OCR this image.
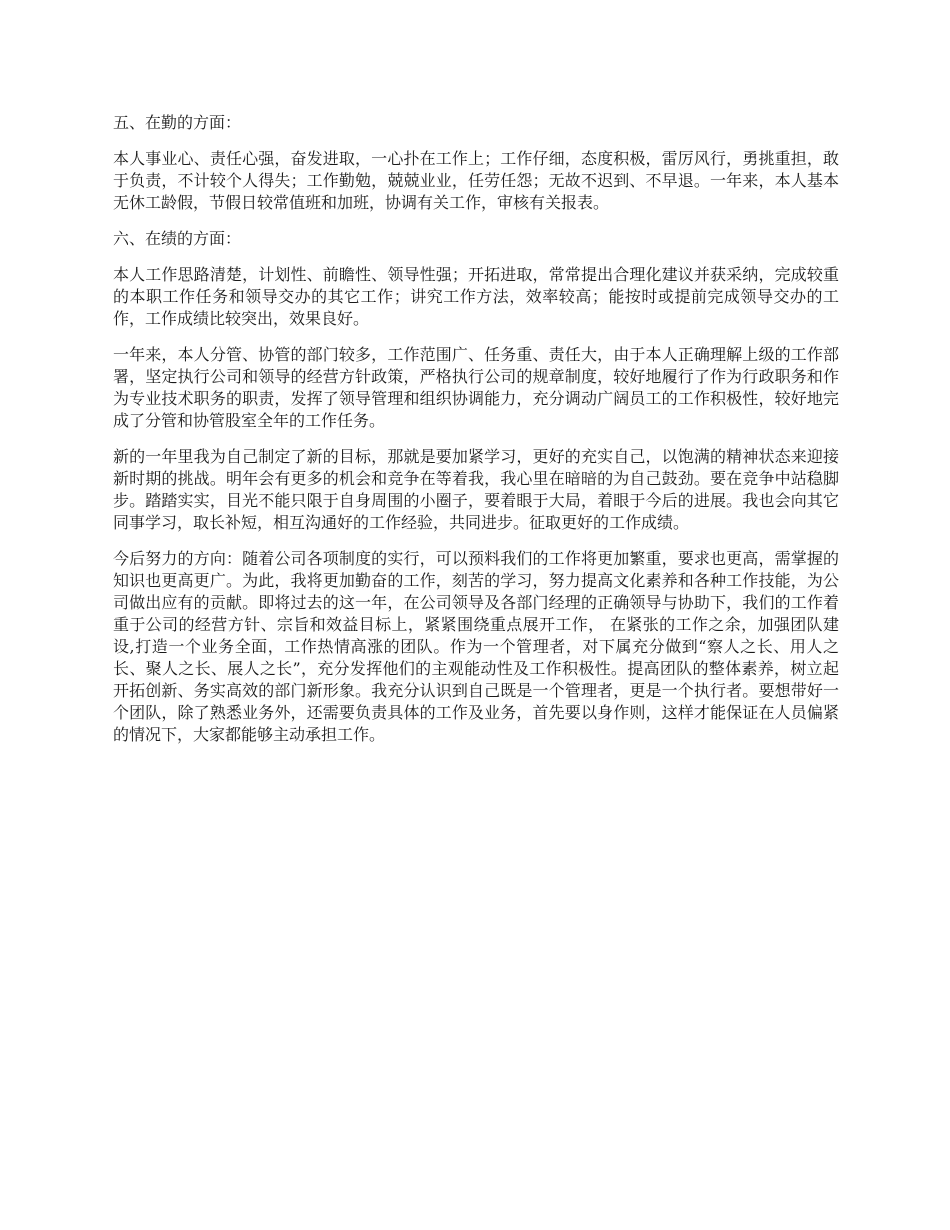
五、在勤的方面：

本人事业心、责任心强，奋发进取，一心扑在工作上；工作仔细，态度积极，雷厉风行，勇挑重担，敢于负责，不计较个人得失；工作勤勉，兢兢业业，任劳任怨；无故不迟到、不早退。一年来，本人基本无休工龄假，节假日较常值班和加班，协调有关工作，审核有关报表。

六、在绩的方面：

本人工作思路清楚，计划性、前瞻性、领导性强；开拓进取，常常提出合理化建议并获采纳，完成较重的本职工作任务和领导交办的其它工作；讲究工作方法，效率较高；能按时或提前完成领导交办的工作，工作成绩比较突出，效果良好。

一年来，本人分管、协管的部门较多，工作范围广、任务重、责任大，由于本人正确理解上级的工作部署，坚定执行公司和领导的经营方针政策，严格执行公司的规章制度，较好地履行了作为行政职务和作为专业技术职务的职责，发挥了领导管理和组织协调能力，充分调动广阔员工的工作积极性，较好地完成了分管和协管股室全年的工作任务。

新的一年里我为自己制定了新的目标，那就是要加紧学习，更好的充实自己，以饱满的精神状态来迎接新时期的挑战。明年会有更多的机会和竞争在等着我，我心里在暗暗的为自己鼓劲。要在竞争中站稳脚步。踏踏实实，目光不能只限于自身周围的小圈子，要着眼于大局，着眼于今后的进展。我也会向其它同事学习，取长补短，相互沟通好的工作经验，共同进步。征取更好的工作成绩。

今后努力的方向：随着公司各项制度的实行，可以预料我们的工作将更加繁重，要求也更高，需掌握的知识也更高更广。为此，我将更加勤奋的工作，刻苦的学习，努力提高文化素养和各种工作技能，为公司做出应有的贡献。即将过去的这一年，在公司领导及各部门经理的正确领导与协助下，我们的工作着重于公司的经营方针、宗旨和效益目标上，紧紧围绕重点展开工作， 在紧张的工作之余，加强团队建设,打造一个业务全面，工作热情高涨的团队。作为一个管理者，对下属充分做到“察人之长、用人之长、聚人之长、展人之长”，充分发挥他们的主观能动性及工作积极性。提高团队的整体素养，树立起开拓创新、务实高效的部门新形象。我充分认识到自己既是一个管理者，更是一个执行者。要想带好一个团队，除了熟悉业务外，还需要负责具体的工作及业务，首先要以身作则，这样才能保证在人员偏紧的情况下，大家都能够主动承担工作。
